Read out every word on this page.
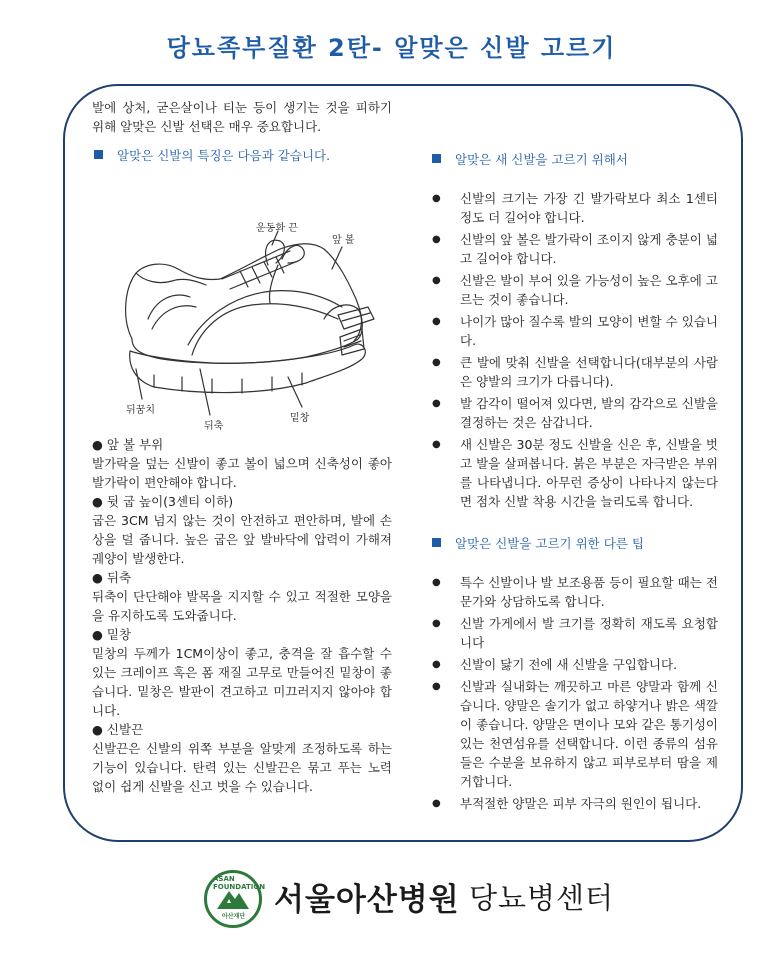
당뇨족부질환 2탄- 알맞은 신발 고르기

발에 상처, 굳은살이나 티눈 등이 생기는 것을 피하기 위해 알맞은 신발 선택은 매우 중요합니다.

알맞은 신발의 특징은 다음과 같습니다.

운동화 끈
앞 볼
뒤꿈치
뒤축
밑창

● 앞 볼 부위

발가락을 덮는 신발이 좋고 볼이 넓으며 신축성이 좋아 발가락이 편안해야 합니다.

● 뒷 굽 높이(3센티 이하)

굽은 3CM 넘지 않는 것이 안전하고 편안하며, 발에 손상을 덜 줍니다. 높은 굽은 앞 발바닥에 압력이 가해져 궤양이 발생한다.

● 뒤축

뒤축이 단단해야 발목을 지지할 수 있고 적절한 모양을 을 유지하도록 도와줍니다.

● 밑창

밑창의 두께가 1CM이상이 좋고, 충격을 잘 흡수할 수 있는 크레이프 혹은 폼 재질 고무로 만들어진 밑창이 좋습니다. 밑창은 발판이 견고하고 미끄러지지 않아야 합니다.

● 신발끈

신발끈은 신발의 위쪽 부분을 알맞게 조정하도록 하는 기능이 있습니다. 탄력 있는 신발끈은 묶고 푸는 노력 없이 쉽게 신발을 신고 벗을 수 있습니다.

알맞은 새 신발을 고르기 위해서

● 신발의 크기는 가장 긴 발가락보다 최소 1센티 정도 더 길어야 합니다.
● 신발의 앞 볼은 발가락이 조이지 않게 충분이 넓고 길어야 합니다.
● 신발은 발이 부어 있을 가능성이 높은 오후에 고르는 것이 좋습니다.
● 나이가 많아 질수록 발의 모양이 변할 수 있습니다.
● 큰 발에 맞춰 신발을 선택합니다(대부분의 사람은 양발의 크기가 다릅니다).
● 발 감각이 떨어져 있다면, 발의 감각으로 신발을 결정하는 것은 삼갑니다.
● 새 신발은 30분 정도 신발을 신은 후, 신발을 벗고 발을 살펴봅니다. 붉은 부분은 자극받은 부위를 나타냅니다. 아무런 증상이 나타나지 않는다면 점차 신발 착용 시간을 늘리도록 합니다.

알맞은 신발을 고르기 위한 다른 팁

● 특수 신발이나 발 보조용품 등이 필요할 때는 전문가와 상담하도록 합니다.
● 신발 가게에서 발 크기를 정확히 재도록 요청합니다
● 신발이 닳기 전에 새 신발을 구입합니다.
● 신발과 실내화는 깨끗하고 마른 양말과 함께 신습니다. 양말은 솔기가 없고 하얗거나 밝은 색깔이 좋습니다. 양말은 면이나 모와 같은 통기성이 있는 천연섬유를 선택합니다. 이런 종류의 섬유들은 수분을 보유하지 않고 피부로부터 땀을 제거합니다.
● 부적절한 양말은 피부 자극의 원인이 됩니다.
ASAN FOUNDATION
아산재단 서울아산병원 당뇨병센터
